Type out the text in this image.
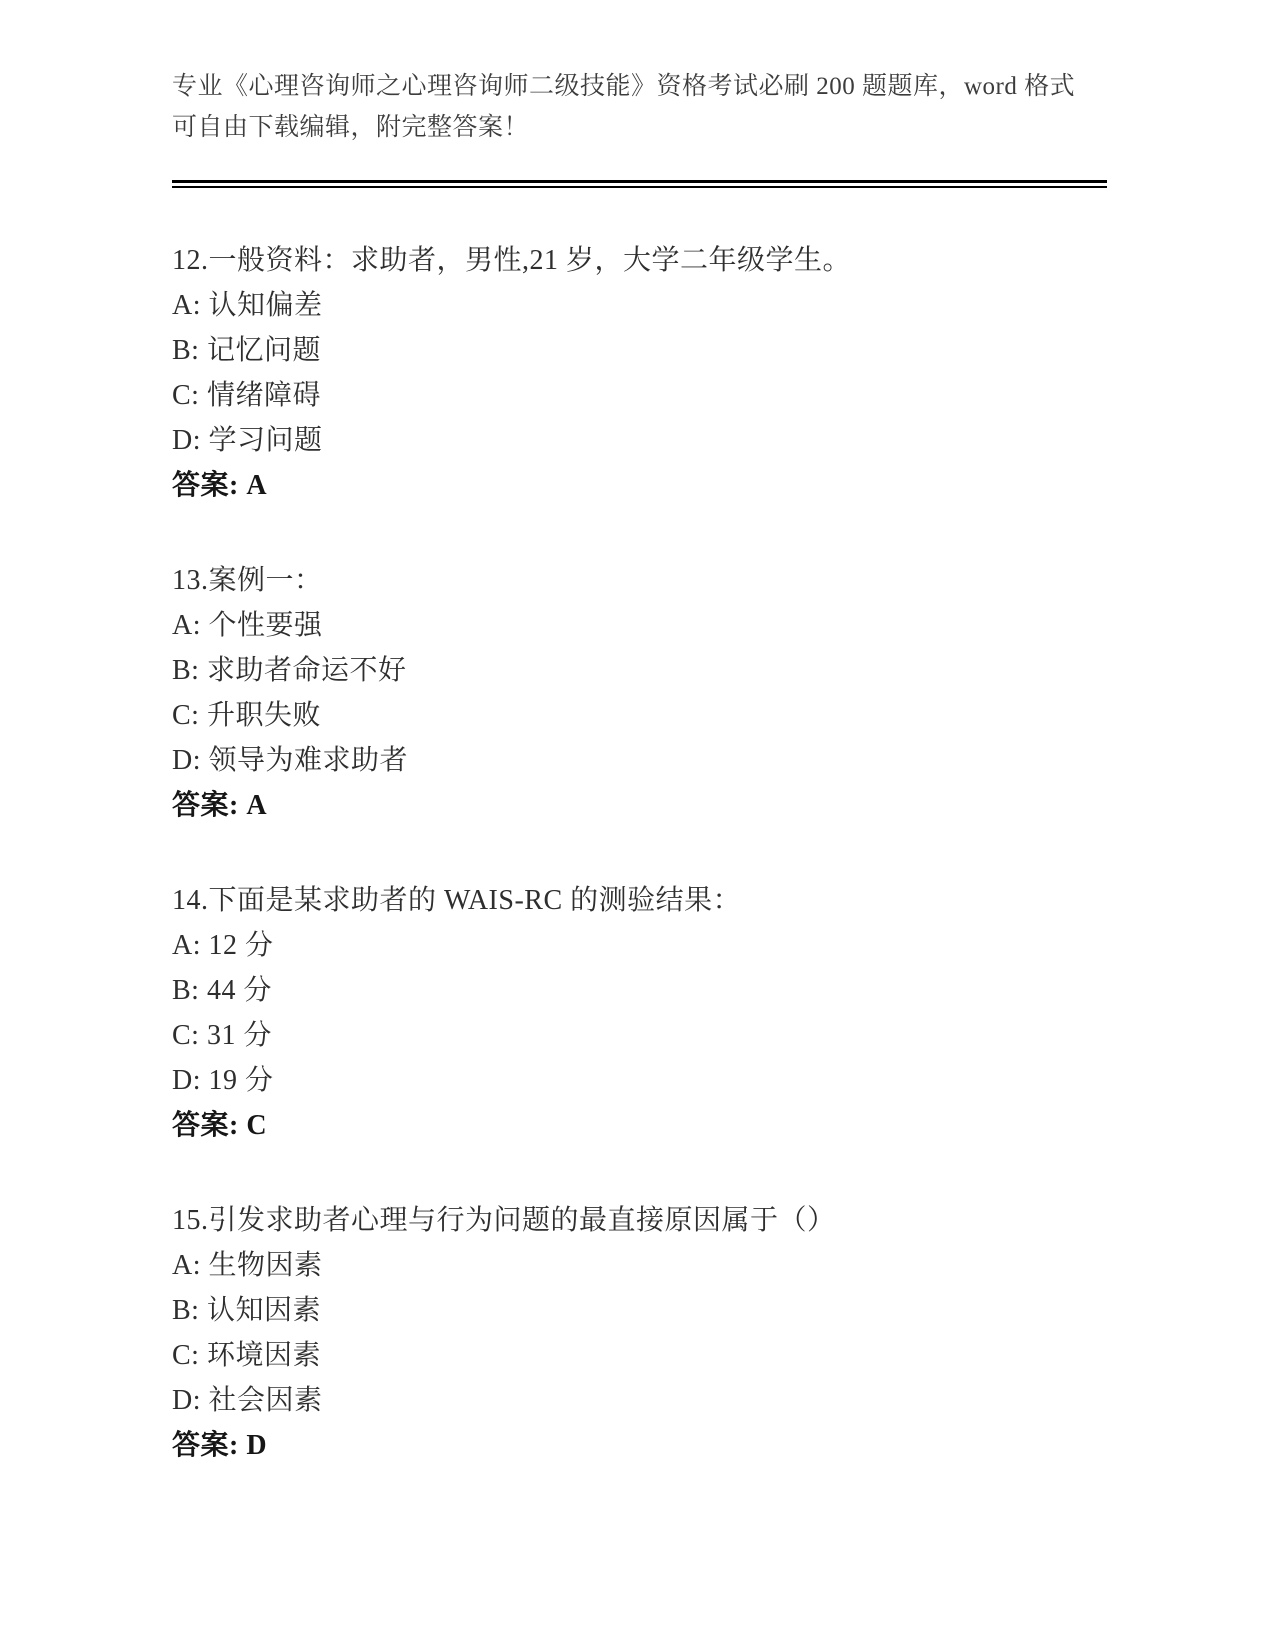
专业《心理咨询师之心理咨询师二级技能》资格考试必刷 200 题题库，word 格式
可自由下载编辑，附完整答案！

12.一般资料：求助者，男性,21 岁，大学二年级学生。

A: 认知偏差

B: 记忆问题

C: 情绪障碍

D: 学习问题

答案: A

13.案例一：

A: 个性要强

B: 求助者命运不好

C: 升职失败

D: 领导为难求助者

答案: A

14.下面是某求助者的 WAIS-RC 的测验结果：

A: 12 分

B: 44 分

C: 31 分

D: 19 分

答案: C

15.引发求助者心理与行为问题的最直接原因属于（）

A: 生物因素

B: 认知因素

C: 环境因素

D: 社会因素

答案: D
